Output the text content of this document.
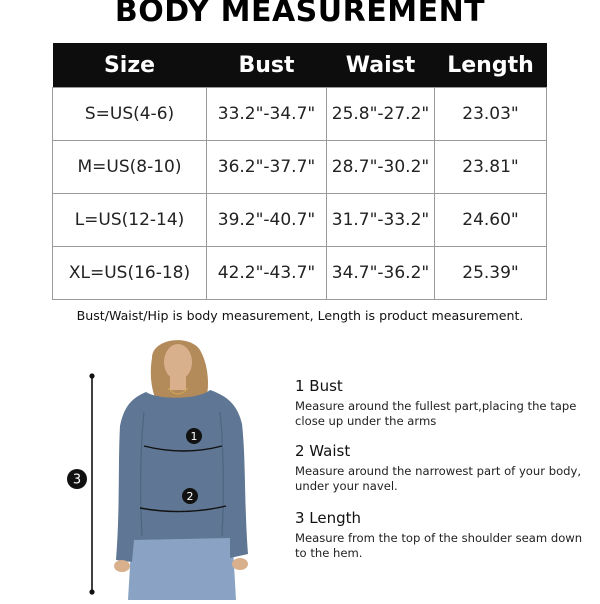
BODY MEASUREMENT
Size	Bust	Waist	Length
S=US(4-6)	33.2"-34.7"	25.8"-27.2"	23.03"
M=US(8-10)	36.2"-37.7"	28.7"-30.2"	23.81"
L=US(12-14)	39.2"-40.7"	31.7"-33.2"	24.60"
XL=US(16-18)	42.2"-43.7"	34.7"-36.2"	25.39"
Bust/Waist/Hip is body measurement, Length is product measurement.
1
2
3

1 Bust

Measure around the fullest part,placing the tape close up under the arms

2 Waist

Measure around the narrowest part of your body, under your navel.

3 Length

Measure from the top of the shoulder seam down to the hem.
